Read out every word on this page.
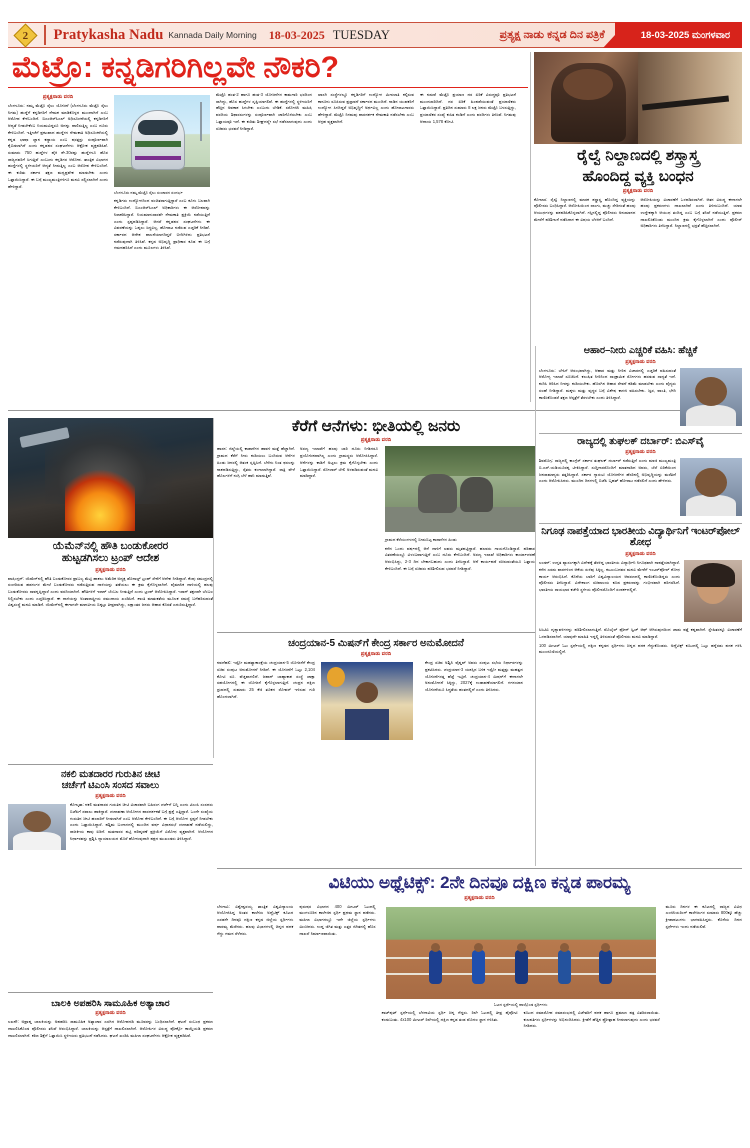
2 Pratykasha Nadu Kannada Daily Morning 18-03-2025 TUESDAY	ಪ್ರತ್ಯಕ್ಷ ನಾಡು ಕನ್ನಡ ದಿನ ಪತ್ರಿಕೆ	18-03-2025 ಮಂಗಳವಾರ
ಮೆಟ್ರೊ: ಕನ್ನಡಿಗರಿಗಿಲ್ಲವೇ ನೌಕರಿ?
ಪ್ರತ್ಯಕ್ಷನಾಡು ವರದಿ
ಬೆಂಗಳೂರು: ನಮ್ಮ ಮೆಟ್ರೊ ರೈಲು ಯೋಜನೆ (ಬೆಂಗಳೂರು ಮೆಟ್ರೊ ರೈಲು ನಿಗಮ) ಹುದ್ದೆಗೆ ಕನ್ನಡಿಗರಿಗೆ ನೇಮಕ ಮಾಡಿಕೊಳ್ಳದ ಮುಂದಾಗಿದೆ ಎಂಬ ಆರೋಪ ಕೇಳಿಬಂದಿದೆ. ಬಿಎಂಆರ್‌ಸಿಎಲ್ ಅಧಿಸೂಚನೆಯಲ್ಲಿ ಕನ್ನಡಿಗರಿಗೆ ಆದ್ಯತೆ ನೀಡಬೇಕೆಂಬ ನಿಯಮವಿದ್ದರೂ ಅದನ್ನು ಪಾಲಿಸುತ್ತಿಲ್ಲ ಎಂಬ ದೂರು ಕೇಳಿಬಂದಿದೆ. ಇತ್ತೀಚೆಗೆ ಪ್ರಕಟವಾದ ಹುದ್ದೆಗಳ ನೇಮಕಾತಿ ಅಧಿಸೂಚನೆಯಲ್ಲಿ ಕನ್ನಡ ಭಾಷಾ ಜ್ಞಾನ ಕಡ್ಡಾಯ ಎಂಬ ಷರತ್ತನ್ನು ಸಂಪೂರ್ಣವಾಗಿ ಕೈಬಿಡಲಾಗಿದೆ ಎಂದು ಕನ್ನಡಪರ ಸಂಘಟನೆಗಳು ಆಕ್ರೋಶ ವ್ಯಕ್ತಪಡಿಸಿವೆ. ಸುಮಾರು 750 ಹುದ್ದೆಗಳ ಪೈಕಿ ಶೇ.30ರಷ್ಟು ಹುದ್ದೆಗಳೂ ಹೊರ ರಾಜ್ಯದವರಿಗೆ ಸಿಗುತ್ತಿವೆ ಎಂಬುದು ಕನ್ನಡಿಗರ ಆರೋಪ. ತಾಂತ್ರಿಕ ವಿಭಾಗದ ಹುದ್ದೆಗಳಲ್ಲಿ ಸ್ಥಳೀಯರಿಗೆ ಆದ್ಯತೆ ನೀಡುತ್ತಿಲ್ಲ ಎಂಬ ಆರೋಪ ಕೇಳಿಬಂದಿದೆ. ಈ ಕುರಿತು ಸರ್ಕಾರ ತಕ್ಷಣ ಮಧ್ಯಪ್ರವೇಶ ಮಾಡಬೇಕು ಎಂದು ಒತ್ತಾಯಿಸಿದ್ದಾರೆ. ಈ ಬಗ್ಗೆ ಮುಖ್ಯಮಂತ್ರಿಗಳಿಗೂ ಮನವಿ ಸಲ್ಲಿಸಲಾಗಿದೆ ಎಂದು ಹೇಳಿದ್ದಾರೆ.
ಬೆಂಗಳೂರು ನಮ್ಮ ಮೆಟ್ರೊ ರೈಲು ಸಂಚಾರದ ಸಂದರ್ಭ
ಕನ್ನಡಿಗರು ಉದ್ಯೋಗದಿಂದ ವಂಚಿತರಾಗುತ್ತಿದ್ದಾರೆ ಎಂಬ ಕೂಗು ಬಲವಾಗಿ ಕೇಳಿಬಂದಿದೆ. ಬಿಎಂಆರ್‌ಸಿಎಲ್ ಅಧಿಕಾರಿಗಳು ಈ ಆರೋಪವನ್ನು ನಿರಾಕರಿಸಿದ್ದಾರೆ. ನಿಯಮಾನುಸಾರವೇ ನೇಮಕಾತಿ ಪ್ರಕ್ರಿಯೆ ನಡೆಯುತ್ತಿದೆ ಎಂದು ಸ್ಪಷ್ಟಪಡಿಸಿದ್ದಾರೆ. ಆದರೆ ಕನ್ನಡಪರ ಸಂಘಟನೆಗಳು ಈ ವಿವರಣೆಯನ್ನು ಒಪ್ಪಲು ಸಿದ್ಧವಿಲ್ಲ. ಹೋರಾಟ ನಡೆಸುವ ಎಚ್ಚರಿಕೆ ನೀಡಿವೆ. ಸರ್ಕಾರದ ಆದೇಶ ಪಾಲನೆಯಾಗದಿದ್ದರೆ ಬೀದಿಗಿಳಿದು ಪ್ರತಿಭಟನೆ ನಡೆಸುವುದಾಗಿ ತಿಳಿಸಿವೆ. ಕನ್ನಡ ಅಭಿವೃದ್ಧಿ ಪ್ರಾಧಿಕಾರ ಕೂಡ ಈ ಬಗ್ಗೆ ಗಮನಹರಿಸಿದೆ ಎಂದು ಮೂಲಗಳು ತಿಳಿಸಿವೆ.
ಮೆಟ್ರೊ ಹಂತ-2 ಹಾಗೂ ಹಂತ-3 ಯೋಜನೆಗಳ ಕಾಮಗಾರಿ ಭರದಿಂದ ಸಾಗಿದ್ದು, ಹೊಸ ಹುದ್ದೆಗಳ ಸೃಷ್ಟಿಯಾಗಲಿವೆ. ಈ ಹುದ್ದೆಗಳಲ್ಲಿ ಸ್ಥಳೀಯರಿಗೆ ಹೆಚ್ಚಿನ ಅವಕಾಶ ಸಿಗಬೇಕು ಎಂಬುದು ಬೇಡಿಕೆ. ಸರೋಜಿನಿ ಮಹಿಷಿ ವರದಿಯ ಶಿಫಾರಸುಗಳನ್ನು ಸಂಪೂರ್ಣವಾಗಿ ಜಾರಿಗೊಳಿಸಬೇಕು ಎಂಬ ಒತ್ತಾಯವೂ ಇದೆ. ಈ ಕುರಿತು ಶೀಘ್ರದಲ್ಲೇ ಸಭೆ ನಡೆಸಲಾಗುವುದು ಎಂದು ಸಚಿವರು ಭರವಸೆ ನೀಡಿದ್ದಾರೆ.
ಖಾಸಗಿ ಸಂಸ್ಥೆಗಳಲ್ಲೂ ಕನ್ನಡಿಗರಿಗೆ ಉದ್ಯೋಗ ಮೀಸಲಾತಿ ಕಲ್ಪಿಸುವ ಕಾನೂನು ರೂಪಿಸುವ ಪ್ರಸ್ತಾವನೆ ಸರ್ಕಾರದ ಮುಂದಿದೆ. ನಾಡಿನ ಯುವಕರಿಗೆ ಉದ್ಯೋಗ ಸಿಗದಿದ್ದರೆ ಅಭಿವೃದ್ಧಿಗೆ ಅರ್ಥವಿಲ್ಲ ಎಂದು ಹೋರಾಟಗಾರರು ಹೇಳಿದ್ದಾರೆ. ಮೆಟ್ರೊ ನಿಗಮವು ಪಾರದರ್ಶಕ ನೇಮಕಾತಿ ನಡೆಸಬೇಕು ಎಂಬ ಆಗ್ರಹ ವ್ಯಕ್ತವಾಗಿದೆ.
ಈ ನಡುವೆ ಮೆಟ್ರೊ ಪ್ರಯಾಣ ದರ ಏರಿಕೆ ವಿರುದ್ಧವೂ ಪ್ರತಿಭಟನೆ ಮುಂದುವರಿದಿದೆ. ದರ ಏರಿಕೆ ಹಿಂಪಡೆಯುವಂತೆ ಪ್ರಯಾಣಿಕರು ಒತ್ತಾಯಿಸಿದ್ದಾರೆ. ಪ್ರತಿದಿನ ಸುಮಾರು 8 ಲಕ್ಷ ಜನರು ಮೆಟ್ರೊ ಬಳಸುತ್ತಿದ್ದು, ಪ್ರಯಾಣಿಕರ ಸಂಖ್ಯೆ ಕುಸಿತ ಕಂಡಿದೆ ಎಂದು ವರದಿಗಳು ತಿಳಿಸಿವೆ. ನಿಗಮವು ಆದಾಯ 1,578 ಕೋಟಿ.
ರೈಲ್ವೆ ನಿಲ್ದಾಣದಲ್ಲಿ ಶಸ್ತ್ರಾಸ್ತ್ರ
ಹೊಂದಿದ್ದ ವ್ಯಕ್ತಿ ಬಂಧನ
ಪ್ರತ್ಯಕ್ಷನಾಡು ವರದಿ
ಕೋಲಾರ: ರೈಲ್ವೆ ನಿಲ್ದಾಣದಲ್ಲಿ ಮಾರಕ ಶಸ್ತ್ರಾಸ್ತ್ರ ಹೊಂದಿದ್ದ ವ್ಯಕ್ತಿಯನ್ನು ಪೊಲೀಸರು ಬಂಧಿಸಿದ್ದಾರೆ. ಆರೋಪಿಯಿಂದ ಲಾಂಗು, ಮಚ್ಚು ಸೇರಿದಂತೆ ಹಲವು ಆಯುಧಗಳನ್ನು ವಶಪಡಿಸಿಕೊಳ್ಳಲಾಗಿದೆ. ಗಸ್ತಿನಲ್ಲಿದ್ದ ಪೊಲೀಸರು ಅನುಮಾನದ ಮೇರೆಗೆ ಪರಿಶೀಲನೆ ನಡೆಸಿದಾಗ ಈ ವಿಷಯ ಬೆಳಕಿಗೆ ಬಂದಿದೆ.
ಆರೋಪಿಯನ್ನು ವಿಚಾರಣೆಗೆ ಒಳಪಡಿಸಲಾಗಿದೆ. ಆತನ ವಿರುದ್ಧ ಈಗಾಗಲೇ ಹಲವು ಪ್ರಕರಣಗಳು ದಾಖಲಾಗಿವೆ ಎಂದು ತಿಳಿದುಬಂದಿದೆ. ಯಾವ ಉದ್ದೇಶಕ್ಕಾಗಿ ಆಯುಧ ತಂದಿದ್ದ ಎಂಬ ಬಗ್ಗೆ ತನಿಖೆ ನಡೆಯುತ್ತಿದೆ. ಪ್ರಕರಣ ದಾಖಲಿಸಿಕೊಂಡು ಮುಂದಿನ ಕ್ರಮ ಕೈಗೊಳ್ಳಲಾಗಿದೆ ಎಂದು ಪೊಲೀಸ್ ಅಧಿಕಾರಿಗಳು ತಿಳಿಸಿದ್ದಾರೆ. ನಿಲ್ದಾಣದಲ್ಲಿ ಭದ್ರತೆ ಹೆಚ್ಚಿಸಲಾಗಿದೆ.
ಯೆಮೆನ್‌ನಲ್ಲಿ ಹೌತಿ ಬಂಡುಕೋರರ
ಹುಟ್ಟಡಗಿಸಲು ಟ್ರಂಪ್ ಆದೇಶ
ಪ್ರತ್ಯಕ್ಷನಾಡು ವರದಿ
ವಾಷಿಂಗ್ಟನ್: ಯೆಮೆನ್‌ನಲ್ಲಿ ಹೌತಿ ಬಂಡುಕೋರರ ಪ್ರಾಬಲ್ಯ ಮೆಟ್ಟಿ ಹಾಕಲು ಅಮೆರಿಕ ಅಧ್ಯಕ್ಷ ಡೊನಾಲ್ಡ್ ಟ್ರಂಪ್ ಸೇನೆಗೆ ಆದೇಶ ನೀಡಿದ್ದಾರೆ. ಕೆಂಪು ಸಮುದ್ರದಲ್ಲಿ ಸಂಚರಿಸುವ ಹಡಗುಗಳ ಮೇಲೆ ಬಂಡುಕೋರರು ನಡೆಸುತ್ತಿರುವ ದಾಳಿಯನ್ನು ತಡೆಯಲು ಈ ಕ್ರಮ ಕೈಗೊಳ್ಳಲಾಗಿದೆ. ವೈಮಾನಿಕ ದಾಳಿಯಲ್ಲಿ ಹಲವು ಬಂಡುಕೋರರು ಸಾವನ್ನಪ್ಪಿದ್ದಾರೆ ಎಂದು ವರದಿಯಾಗಿದೆ. ಹೌತಿಗಳಿಗೆ ಇರಾನ್ ಬೆಂಬಲ ನೀಡುತ್ತಿದೆ ಎಂದು ಟ್ರಂಪ್ ಆರೋಪಿಸಿದ್ದಾರೆ. ಇರಾನ್ ತಕ್ಷಣವೇ ಬೆಂಬಲ ನಿಲ್ಲಿಸಬೇಕು ಎಂದು ಎಚ್ಚರಿಸಿದ್ದಾರೆ. ಈ ದಾಳಿಯನ್ನು ಅಂತಾರಾಷ್ಟ್ರೀಯ ಸಮುದಾಯ ಖಂಡಿಸಿದೆ. ಶಾಂತಿ ಮಾತುಕತೆಯ ಮೂಲಕ ಸಮಸ್ಯೆ ಬಗೆಹರಿಸುವಂತೆ ವಿಶ್ವಸಂಸ್ಥೆ ಮನವಿ ಮಾಡಿದೆ. ಯೆಮೆನ್‌ನಲ್ಲಿ ಈಗಾಗಲೇ ಮಾನವೀಯ ಬಿಕ್ಕಟ್ಟು ತೀವ್ರವಾಗಿದ್ದು, ಲಕ್ಷಾಂತರ ಜನರು ಆಹಾರ ಕೊರತೆ ಎದುರಿಸುತ್ತಿದ್ದಾರೆ.
ಕೆರೆಗೆ ಆನೆಗಳು: ಭೀತಿಯಲ್ಲಿ ಜನರು
ಪ್ರತ್ಯಕ್ಷನಾಡು ವರದಿ
ಹಾಸನ: ಜಿಲ್ಲೆಯಲ್ಲಿ ಕಾಡಾನೆಗಳ ಹಾವಳಿ ಮತ್ತೆ ಹೆಚ್ಚಾಗಿದೆ. ಗ್ರಾಮದ ಕೆರೆಗೆ ನೀರು ಕುಡಿಯಲು ಬಂದಿರುವ ಆನೆಗಳ ಹಿಂಡು ಜನರಲ್ಲಿ ಆತಂಕ ಸೃಷ್ಟಿಸಿದೆ. ಬೆಳೆದು ನಿಂತ ಫಸಲನ್ನು ನಾಶಪಡಿಸುತ್ತಿದ್ದು, ರೈತರು ಕಂಗಾಲಾಗಿದ್ದಾರೆ. ರಾತ್ರಿ ವೇಳೆ ಹೊಲಗಳಿಗೆ ನುಗ್ಗಿ ಬೆಳೆ ಹಾನಿ ಮಾಡುತ್ತಿವೆ.
ಅರಣ್ಯ ಇಲಾಖೆಗೆ ಹಲವು ಬಾರಿ ದೂರು ನೀಡಿದರೂ ಪ್ರಯೋಜನವಾಗಿಲ್ಲ ಎಂದು ಗ್ರಾಮಸ್ಥರು ಆರೋಪಿಸಿದ್ದಾರೆ. ಆನೆಗಳನ್ನು ಕಾಡಿಗೆ ಅಟ್ಟಲು ಕ್ರಮ ಕೈಗೊಳ್ಳಬೇಕು ಎಂದು ಒತ್ತಾಯಿಸಿದ್ದಾರೆ. ಸೋಲಾರ್ ಬೇಲಿ ಅಳವಡಿಸುವಂತೆ ಮನವಿ ಮಾಡಿದ್ದಾರೆ.
ಗ್ರಾಮದ ಕೆರೆಯಂಗಳದಲ್ಲಿ ಬೀಡುಬಿಟ್ಟ ಕಾಡಾನೆಗಳ ಹಿಂಡು
ಕಳೆದ ಒಂದು ವರ್ಷದಲ್ಲಿ ಆನೆ ದಾಳಿಗೆ ಐವರು ಮೃತಪಟ್ಟಿದ್ದಾರೆ. ಹಲವರು ಗಾಯಗೊಂಡಿದ್ದಾರೆ. ಪರಿಹಾರ ವಿತರಣೆಯಲ್ಲೂ ವಿಳಂಬವಾಗುತ್ತಿದೆ ಎಂಬ ದೂರು ಕೇಳಿಬಂದಿದೆ. ಅರಣ್ಯ ಇಲಾಖೆ ಅಧಿಕಾರಿಗಳು ಕಾರ್ಯಾಚರಣೆ ಆರಂಭಿಸಿದ್ದು, 2-3 ದಿನ ಬೇಕಾಗಬಹುದು ಎಂದು ತಿಳಿಸಿದ್ದಾರೆ. ಆನೆ ಕಾರ್ಯಪಡೆ ರಚಿಸುವಂತೆಯೂ ಒತ್ತಾಯ ಕೇಳಿಬಂದಿದೆ. ಈ ಬಗ್ಗೆ ಸಚಿವರು ಪರಿಶೀಲಿಸುವ ಭರವಸೆ ನೀಡಿದ್ದಾರೆ.
ಚಂದ್ರಯಾನ-5 ಮಿಷನ್‌ಗೆ ಕೇಂದ್ರ ಸರ್ಕಾರ ಅನುಮೋದನೆ
ಪ್ರತ್ಯಕ್ಷನಾಡು ವರದಿ
ನವದೆಹಲಿ: ಇಸ್ರೋ ಮಹತ್ವಾಕಾಂಕ್ಷೆಯ ಚಂದ್ರಯಾನ-5 ಯೋಜನೆಗೆ ಕೇಂದ್ರ ಸಚಿವ ಸಂಪುಟ ಅನುಮೋದನೆ ನೀಡಿದೆ. ಈ ಯೋಜನೆಗೆ ಒಟ್ಟು 2,104 ಕೋಟಿ ರೂ. ವೆಚ್ಚವಾಗಲಿದೆ. ಜಪಾನ್ ಬಾಹ್ಯಾಕಾಶ ಸಂಸ್ಥೆ ಜಾಕ್ಸಾ ಸಹಯೋಗದಲ್ಲಿ ಈ ಯೋಜನೆ ಕೈಗೊಳ್ಳಲಾಗುತ್ತಿದೆ. ಚಂದ್ರನ ದಕ್ಷಿಣ ಧ್ರುವದಲ್ಲಿ ಸುಮಾರು 25 ಕೆಜಿ ತೂಕದ ರೋವರ್ ಇಳಿಸುವ ಗುರಿ ಹೊಂದಲಾಗಿದೆ.
ಕೇಂದ್ರ ಸಚಿವ ಅಶ್ವಿನಿ ವೈಷ್ಣವ್ ಅವರು ಸಂಪುಟ ಸಭೆಯ ನಿರ್ಧಾರಗಳನ್ನು ಪ್ರಕಟಿಸಿದರು. ಚಂದ್ರಯಾನ-3 ಯಶಸ್ಸಿನ ಬಳಿಕ ಇಸ್ರೋ ಮತ್ತಷ್ಟು ಮಹತ್ವದ ಯೋಜನೆಗಳತ್ತ ಹೆಜ್ಜೆ ಇಟ್ಟಿದೆ. ಚಂದ್ರಯಾನ-4 ಮಿಷನ್‌ಗೆ ಈಗಾಗಲೇ ಅನುಮೋದನೆ ಸಿಕ್ಕಿದ್ದು, 2027ಕ್ಕೆ ಉಡಾವಣೆಯಾಗಲಿದೆ. ಗಗನಯಾನ ಯೋಜನೆಯೂ ಸಿದ್ಧತೆಯ ಹಂತದಲ್ಲಿದೆ ಎಂದು ತಿಳಿಸಿದರು.
ಆಹಾರ–ನೀರು ಎಚ್ಚರಿಕೆ ವಹಿಸಿ: ಹೆಚ್ಚಿಕೆ
ಪ್ರತ್ಯಕ್ಷನಾಡು ವರದಿ
ಬೆಂಗಳೂರು: ಬೇಸಿಗೆ ಆರಂಭವಾಗಿದ್ದು, ಆಹಾರ ಮತ್ತು ನೀರಿನ ವಿಚಾರದಲ್ಲಿ ಎಚ್ಚರಿಕೆ ವಹಿಸುವಂತೆ ಆರೋಗ್ಯ ಇಲಾಖೆ ಸೂಚಿಸಿದೆ. ಕಲುಷಿತ ನೀರಿನಿಂದ ಸಾಂಕ್ರಾಮಿಕ ರೋಗಗಳು ಹರಡುವ ಸಾಧ್ಯತೆ ಇದೆ. ಕುದಿಸಿ ಆರಿಸಿದ ನೀರನ್ನು ಕುಡಿಯಬೇಕು. ಹೊರಗಿನ ಆಹಾರ ಸೇವನೆ ಕಡಿಮೆ ಮಾಡಬೇಕು ಎಂದು ವೈದ್ಯರು ಸಲಹೆ ನೀಡಿದ್ದಾರೆ. ಮಕ್ಕಳು ಮತ್ತು ವೃದ್ಧರ ಬಗ್ಗೆ ವಿಶೇಷ ಕಾಳಜಿ ವಹಿಸಬೇಕು. ಜ್ವರ, ವಾಂತಿ, ಭೇದಿ ಕಾಣಿಸಿಕೊಂಡರೆ ತಕ್ಷಣ ಆಸ್ಪತ್ರೆಗೆ ತೆರಳಬೇಕು ಎಂದು ತಿಳಿಸಿದ್ದಾರೆ.
ರಾಜ್ಯದಲ್ಲಿ ತುಘಲಕ್ ದರ್ಬಾರ್: ಬಿಎಸ್‌ವೈ
ಪ್ರತ್ಯಕ್ಷನಾಡು ವರದಿ
ಶಿವಮೊಗ್ಗ: ರಾಜ್ಯದಲ್ಲಿ ಕಾಂಗ್ರೆಸ್ ಸರ್ಕಾರ ತುಘಲಕ್ ದರ್ಬಾರ್ ನಡೆಸುತ್ತಿದೆ ಎಂದು ಮಾಜಿ ಮುಖ್ಯಮಂತ್ರಿ ಬಿ.ಎಸ್.ಯಡಿಯೂರಪ್ಪ ಟೀಕಿಸಿದ್ದಾರೆ. ಸುದ್ದಿಗಾರರೊಂದಿಗೆ ಮಾತನಾಡಿದ ಅವರು, ಬೆಲೆ ಏರಿಕೆಯಿಂದ ಜನಸಾಮಾನ್ಯರು ತತ್ತರಿಸಿದ್ದಾರೆ. ಸರ್ಕಾರ ಗ್ಯಾರಂಟಿ ಯೋಜನೆಗಳ ಹೆಸರಿನಲ್ಲಿ ಅಭಿವೃದ್ಧಿಯನ್ನು ಮರೆತಿದೆ ಎಂದು ಆರೋಪಿಸಿದರು. ಮುಂದಿನ ದಿನಗಳಲ್ಲಿ ಬಿಜೆಪಿ ಬೃಹತ್ ಹೋರಾಟ ನಡೆಸಲಿದೆ ಎಂದು ಹೇಳಿದರು.
ನಿಗೂಢ ನಾಪತ್ತೆಯಾದ ಭಾರತೀಯ ವಿದ್ಯಾರ್ಥಿನಿಗೆ ಇಂಟರ್‌ಪೋಲ್ ಶೋಧ
ಪ್ರತ್ಯಕ್ಷನಾಡು ವರದಿ
ಲಂಡನ್: ಉನ್ನತ ವ್ಯಾಸಂಗಕ್ಕಾಗಿ ವಿದೇಶಕ್ಕೆ ತೆರಳಿದ್ದ ಭಾರತೀಯ ವಿದ್ಯಾರ್ಥಿನಿ ನಿಗೂಢವಾಗಿ ನಾಪತ್ತೆಯಾಗಿದ್ದಾರೆ. ಕಳೆದ ಎರಡು ವಾರಗಳಿಂದ ಆಕೆಯ ಸುಳಿವು ಸಿಕ್ಕಿಲ್ಲ. ಕುಟುಂಬದವರ ಮನವಿ ಮೇರೆಗೆ ಇಂಟರ್‌ಪೋಲ್ ಶೋಧ ಕಾರ್ಯ ಆರಂಭಿಸಿದೆ. ಕೊನೆಯ ಬಾರಿಗೆ ವಿಶ್ವವಿದ್ಯಾಲಯದ ಆವರಣದಲ್ಲಿ ಕಾಣಿಸಿಕೊಂಡಿದ್ದರು ಎಂದು ಪೊಲೀಸರು ತಿಳಿಸಿದ್ದಾರೆ. ವಿದೇಶಾಂಗ ಸಚಿವಾಲಯ ಕೂಡ ಪ್ರಕರಣವನ್ನು ಗಂಭೀರವಾಗಿ ಪರಿಗಣಿಸಿದೆ. ಭಾರತೀಯ ರಾಯಭಾರ ಕಚೇರಿ ಸ್ಥಳೀಯ ಪೊಲೀಸರೊಂದಿಗೆ ಸಂಪರ್ಕದಲ್ಲಿದೆ.
ಸಿಸಿಟಿವಿ ದೃಶ್ಯಾವಳಿಗಳನ್ನು ಪರಿಶೀಲಿಸಲಾಗುತ್ತಿದೆ. ಮೊಬೈಲ್ ಫೋನ್ ಸ್ವಿಚ್ ಆಫ್ ಆಗಿರುವುದರಿಂದ ಜಾಡು ಪತ್ತೆ ಕಷ್ಟವಾಗಿದೆ. ಸ್ನೇಹಿತರನ್ನೂ ವಿಚಾರಣೆಗೆ ಒಳಪಡಿಸಲಾಗಿದೆ. ಯಾವುದೇ ಮಾಹಿತಿ ಇದ್ದಲ್ಲಿ ತಿಳಿಸುವಂತೆ ಪೊಲೀಸರು ಮನವಿ ಮಾಡಿದ್ದಾರೆ.
100 ಮೀಟರ್ ಓಟ ಸ್ಪರ್ಧೆಯಲ್ಲಿ ದಕ್ಷಿಣ ಕನ್ನಡದ ಸ್ಪರ್ಧಿಗಳು ಚಿನ್ನದ ಪದಕ ಗೆದ್ದುಕೊಂಡರು. ಅಥ್ಲೆಟಿಕ್ಸ್ ಕೂಟದಲ್ಲಿ ಒಟ್ಟು ಹನ್ನೆರಡು ಪದಕ ಗಳಿಸಿ ಮುಂಚೂಣಿಯಲ್ಲಿದೆ.
ನಕಲಿ ಮತದಾರರ ಗುರುತಿನ ಚೀಟಿ
ಚರ್ಚೆಗೆ ಟಿಎಂಸಿ ಸಂಸದ ಸವಾಲು
ಪ್ರತ್ಯಕ್ಷನಾಡು ವರದಿ
ಕೋಲ್ಕತಾ: ನಕಲಿ ಮತದಾರರ ಗುರುತಿನ ಚೀಟಿ ವಿಚಾರವಾಗಿ ಬಹಿರಂಗ ಚರ್ಚೆಗೆ ಬನ್ನಿ ಎಂದು ಟಿಎಂಸಿ ಸಂಸದರು ಬಿಜೆಪಿಗೆ ಸವಾಲು ಹಾಕಿದ್ದಾರೆ. ಚುನಾವಣಾ ಆಯೋಗದ ಪಾರದರ್ಶಕತೆ ಬಗ್ಗೆ ಪ್ರಶ್ನೆ ಎತ್ತಿದ್ದಾರೆ. ಒಂದೇ ಸಂಖ್ಯೆಯ ಗುರುತಿನ ಚೀಟಿ ಹಲವರಿಗೆ ನೀಡಲಾಗಿದೆ ಎಂಬ ಆರೋಪ ಕೇಳಿಬಂದಿದೆ. ಈ ಬಗ್ಗೆ ಆಯೋಗ ಸ್ಪಷ್ಟನೆ ನೀಡಬೇಕು ಎಂದು ಒತ್ತಾಯಿಸಿದ್ದಾರೆ. ಪಶ್ಚಿಮ ಬಂಗಾಳದಲ್ಲಿ ಮುಂದಿನ ವರ್ಷ ವಿಧಾನಸಭೆ ಚುನಾವಣೆ ನಡೆಯಲಿದ್ದು, ರಾಜಕೀಯ ಕಾವು ಏರಿದೆ. ಮತದಾರರ ಪಟ್ಟಿ ಪರಿಷ್ಕರಣೆ ಪ್ರಕ್ರಿಯೆಗೆ ವಿರೋಧ ವ್ಯಕ್ತವಾಗಿದೆ. ಆಯೋಗದ ನಿರ್ಧಾರವನ್ನು ಪ್ರಶ್ನಿಸಿ ನ್ಯಾಯಾಲಯದ ಮೊರೆ ಹೋಗುವುದಾಗಿ ಪಕ್ಷದ ಮುಖಂಡರು ತಿಳಿಸಿದ್ದಾರೆ.
ಬಾಲಕಿ ಅಪಹರಿಸಿ ಸಾಮೂಹಿಕ ಅತ್ಯಾಚಾರ
ಪ್ರತ್ಯಕ್ಷನಾಡು ವರದಿ
ಲಖನೌ: ಅಪ್ರಾಪ್ತ ಬಾಲಕಿಯನ್ನು ಅಪಹರಿಸಿ ಸಾಮೂಹಿಕ ಅತ್ಯಾಚಾರ ಎಸಗಿದ ಆರೋಪದಡಿ ಮೂವರನ್ನು ಬಂಧಿಸಲಾಗಿದೆ. ಘಟನೆ ಸಂಬಂಧ ಪ್ರಕರಣ ದಾಖಲಿಸಿಕೊಂಡ ಪೊಲೀಸರು ತನಿಖೆ ಆರಂಭಿಸಿದ್ದಾರೆ. ಬಾಲಕಿಯನ್ನು ಆಸ್ಪತ್ರೆಗೆ ದಾಖಲಿಸಲಾಗಿದೆ. ಆರೋಪಿಗಳ ವಿರುದ್ಧ ಪೋಕ್ಸೋ ಕಾಯ್ದೆಯಡಿ ಪ್ರಕರಣ ದಾಖಲಿಸಲಾಗಿದೆ. ಕಠಿಣ ಶಿಕ್ಷೆಗೆ ಒತ್ತಾಯಿಸಿ ಸ್ಥಳೀಯರು ಪ್ರತಿಭಟನೆ ನಡೆಸಿದರು. ಘಟನೆ ಖಂಡಿಸಿ ಮಹಿಳಾ ಸಂಘಟನೆಗಳು ಆಕ್ರೋಶ ವ್ಯಕ್ತಪಡಿಸಿವೆ.
ವಿಟಿಯು ಅಥ್ಲೆಟಿಕ್ಸ್: 2ನೇ ದಿನವೂ ದಕ್ಷಿಣ ಕನ್ನಡ ಪಾರಮ್ಯ
ಪ್ರತ್ಯಕ್ಷನಾಡು ವರದಿ
ಬೆಳಗಾವಿ: ವಿಶ್ವೇಶ್ವರಯ್ಯ ತಾಂತ್ರಿಕ ವಿಶ್ವವಿದ್ಯಾಲಯ ಆಯೋಜಿಸಿದ್ದ ಅಂತರ ಕಾಲೇಜು ಅಥ್ಲೆಟಿಕ್ಸ್ ಕೂಟದ ಎರಡನೇ ದಿನವೂ ದಕ್ಷಿಣ ಕನ್ನಡ ಜಿಲ್ಲೆಯ ಸ್ಪರ್ಧಿಗಳು ಪಾರಮ್ಯ ಮೆರೆದರು. ಹಲವು ವಿಭಾಗಗಳಲ್ಲಿ ಚಿನ್ನದ ಪದಕ ಗೆದ್ದು ಗಮನ ಸೆಳೆದರು.
ಪುರುಷರ ವಿಭಾಗದ 400 ಮೀಟರ್ ಓಟದಲ್ಲಿ ಮಂಗಳೂರಿನ ಕಾಲೇಜಿನ ಸ್ಪರ್ಧಿ ಪ್ರಥಮ ಸ್ಥಾನ ಪಡೆದರು. ಮಹಿಳಾ ವಿಭಾಗದಲ್ಲೂ ಇದೇ ಜಿಲ್ಲೆಯ ಸ್ಪರ್ಧಿಗಳು ಮಿಂಚಿದರು. ಉದ್ದ ಜಿಗಿತ ಮತ್ತು ಎತ್ತರ ಜಿಗಿತದಲ್ಲಿ ಹೊಸ ದಾಖಲೆ ನಿರ್ಮಾಣವಾಯಿತು.
ಓಟದ ಸ್ಪರ್ಧೆಯಲ್ಲಿ ಪಾಲ್ಗೊಂಡ ಸ್ಪರ್ಧಿಗಳು
ಶಾಟ್‌ಪುಟ್ ಸ್ಪರ್ಧೆಯಲ್ಲಿ ಬೆಳಗಾವಿಯ ಸ್ಪರ್ಧಿ ಚಿನ್ನ ಗೆದ್ದರು. ರಿಲೇ ಓಟದಲ್ಲಿ ತೀವ್ರ ಪೈಪೋಟಿ ಕಂಡುಬಂತು. 4x100 ಮೀಟರ್ ರಿಲೇಯಲ್ಲಿ ದಕ್ಷಿಣ ಕನ್ನಡ ತಂಡ ಮೊದಲ ಸ್ಥಾನ ಗಳಿಸಿತು.
ಕೂಟದ ಸಮಾರೋಪ ಸಮಾರಂಭದಲ್ಲಿ ವಿಜೇತರಿಗೆ ಪದಕ ಹಾಗೂ ಪ್ರಮಾಣ ಪತ್ರ ವಿತರಿಸಲಾಯಿತು. ಕುಲಪತಿಗಳು ಸ್ಪರ್ಧಿಗಳನ್ನು ಅಭಿನಂದಿಸಿದರು. ಕ್ರೀಡೆಗೆ ಹೆಚ್ಚಿನ ಪ್ರೋತ್ಸಾಹ ನೀಡಲಾಗುವುದು ಎಂದು ಭರವಸೆ ನೀಡಿದರು.
ಮೂರು ದಿನಗಳ ಈ ಕೂಟದಲ್ಲಿ ರಾಜ್ಯದ ವಿವಿಧ ಎಂಜಿನಿಯರಿಂಗ್ ಕಾಲೇಜುಗಳ ಸುಮಾರು 800ಕ್ಕೂ ಹೆಚ್ಚು ಕ್ರೀಡಾಪಟುಗಳು ಭಾಗವಹಿಸಿದ್ದರು. ಕೊನೆಯ ದಿನದ ಸ್ಪರ್ಧೆಗಳು ಇಂದು ನಡೆಯಲಿವೆ.
